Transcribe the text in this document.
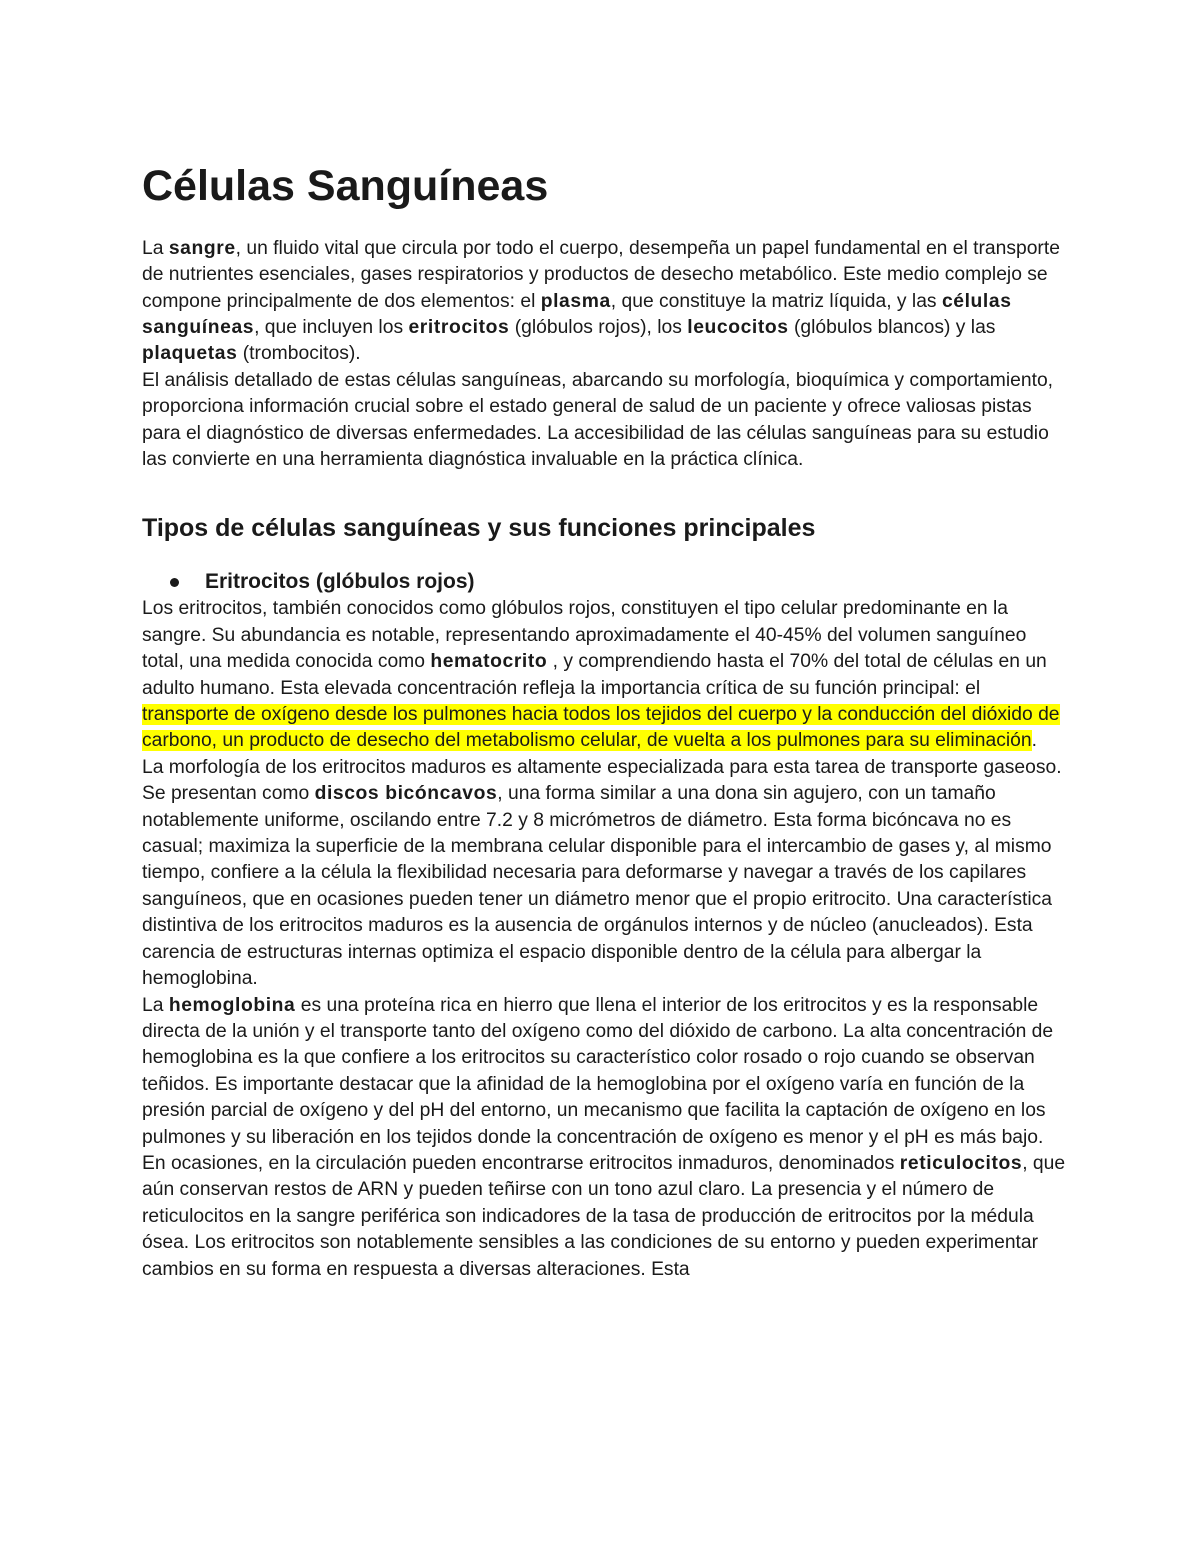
Células Sanguíneas

La sangre, un fluido vital que circula por todo el cuerpo, desempeña un papel fundamental en el transporte de nutrientes esenciales, gases respiratorios y productos de desecho metabólico. Este medio complejo se compone principalmente de dos elementos: el plasma, que constituye la matriz líquida, y las células sanguíneas, que incluyen los eritrocitos (glóbulos rojos), los leucocitos (glóbulos blancos) y las plaquetas (trombocitos).

El análisis detallado de estas células sanguíneas, abarcando su morfología, bioquímica y comportamiento, proporciona información crucial sobre el estado general de salud de un paciente y ofrece valiosas pistas para el diagnóstico de diversas enfermedades. La accesibilidad de las células sanguíneas para su estudio las convierte en una herramienta diagnóstica invaluable en la práctica clínica.

Tipos de células sanguíneas y sus funciones principales
Eritrocitos (glóbulos rojos)

Los eritrocitos, también conocidos como glóbulos rojos, constituyen el tipo celular predominante en la sangre. Su abundancia es notable, representando aproximadamente el 40-45% del volumen sanguíneo total, una medida conocida como hematocrito , y comprendiendo hasta el 70% del total de células en un adulto humano. Esta elevada concentración refleja la importancia crítica de su función principal: el transporte de oxígeno desde los pulmones hacia todos los tejidos del cuerpo y la conducción del dióxido de carbono, un producto de desecho del metabolismo celular, de vuelta a los pulmones para su eliminación.

La morfología de los eritrocitos maduros es altamente especializada para esta tarea de transporte gaseoso. Se presentan como discos bicóncavos, una forma similar a una dona sin agujero, con un tamaño notablemente uniforme, oscilando entre 7.2 y 8 micrómetros de diámetro. Esta forma bicóncava no es casual; maximiza la superficie de la membrana celular disponible para el intercambio de gases y, al mismo tiempo, confiere a la célula la flexibilidad necesaria para deformarse y navegar a través de los capilares sanguíneos, que en ocasiones pueden tener un diámetro menor que el propio eritrocito. Una característica distintiva de los eritrocitos maduros es la ausencia de orgánulos internos y de núcleo (anucleados). Esta carencia de estructuras internas optimiza el espacio disponible dentro de la célula para albergar la hemoglobina.

La hemoglobina es una proteína rica en hierro que llena el interior de los eritrocitos y es la responsable directa de la unión y el transporte tanto del oxígeno como del dióxido de carbono. La alta concentración de hemoglobina es la que confiere a los eritrocitos su característico color rosado o rojo cuando se observan teñidos. Es importante destacar que la afinidad de la hemoglobina por el oxígeno varía en función de la presión parcial de oxígeno y del pH del entorno, un mecanismo que facilita la captación de oxígeno en los pulmones y su liberación en los tejidos donde la concentración de oxígeno es menor y el pH es más bajo. En ocasiones, en la circulación pueden encontrarse eritrocitos inmaduros, denominados reticulocitos, que aún conservan restos de ARN y pueden teñirse con un tono azul claro. La presencia y el número de reticulocitos en la sangre periférica son indicadores de la tasa de producción de eritrocitos por la médula ósea. Los eritrocitos son notablemente sensibles a las condiciones de su entorno y pueden experimentar cambios en su forma en respuesta a diversas alteraciones. Esta
